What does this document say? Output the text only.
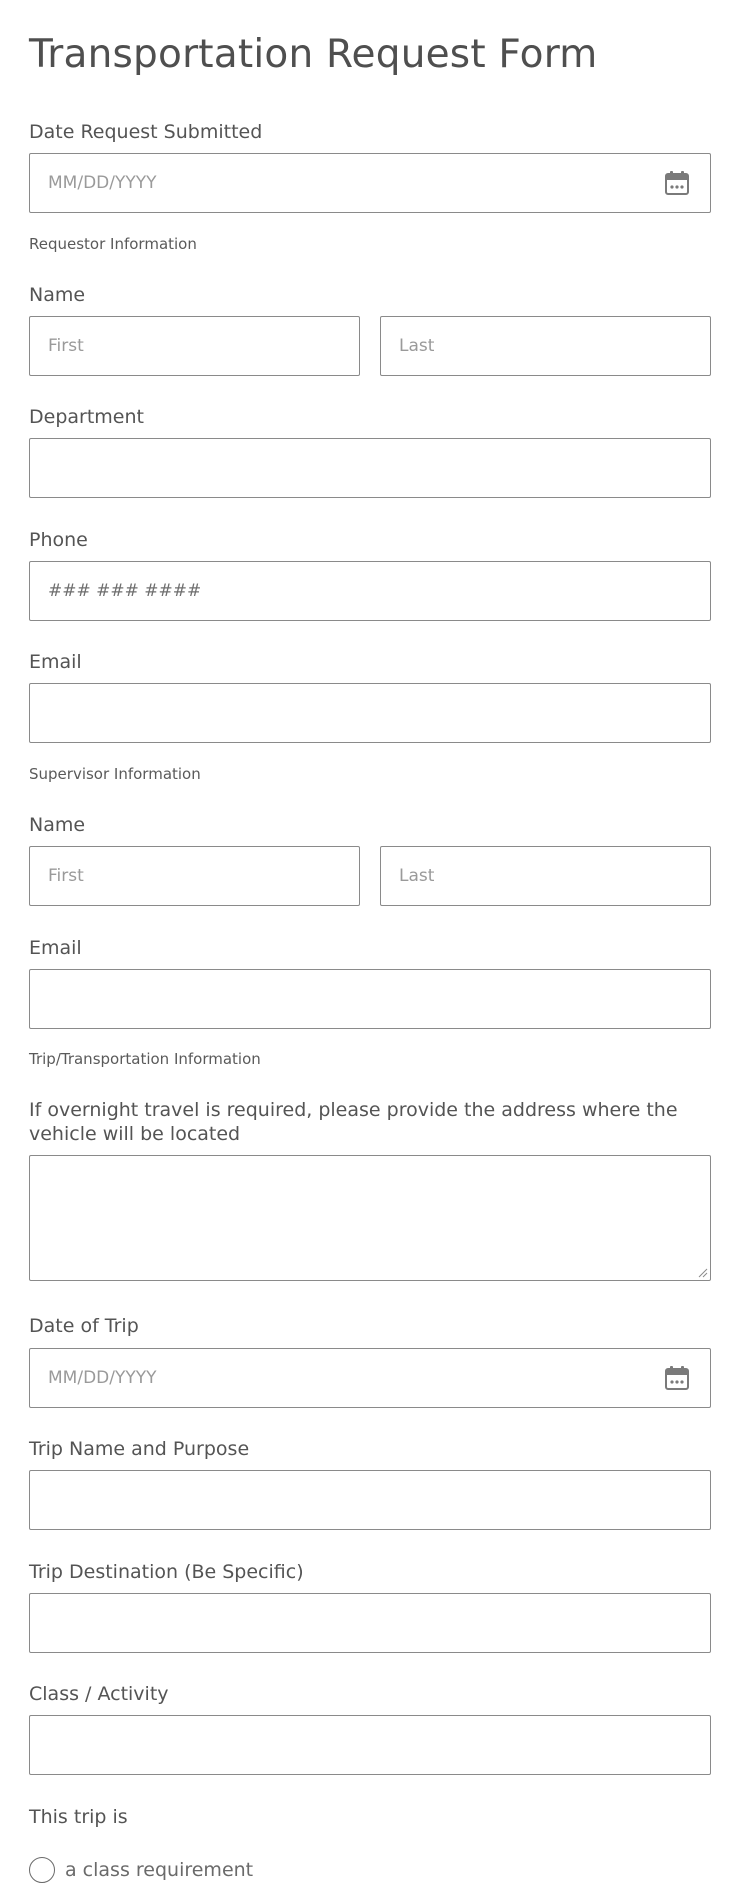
Transportation Request Form
Date Request Submitted
MM/DD/YYYY
Requestor Information
Name
First	Last
Department
Phone
### ### ####
Email
Supervisor Information
Name
First	Last
Email
Trip/Transportation Information
If overnight travel is required, please provide the address where the vehicle will be located
Date of Trip
MM/DD/YYYY
Trip Name and Purpose
Trip Destination (Be Specific)
Class / Activity
This trip is
a class requirement
